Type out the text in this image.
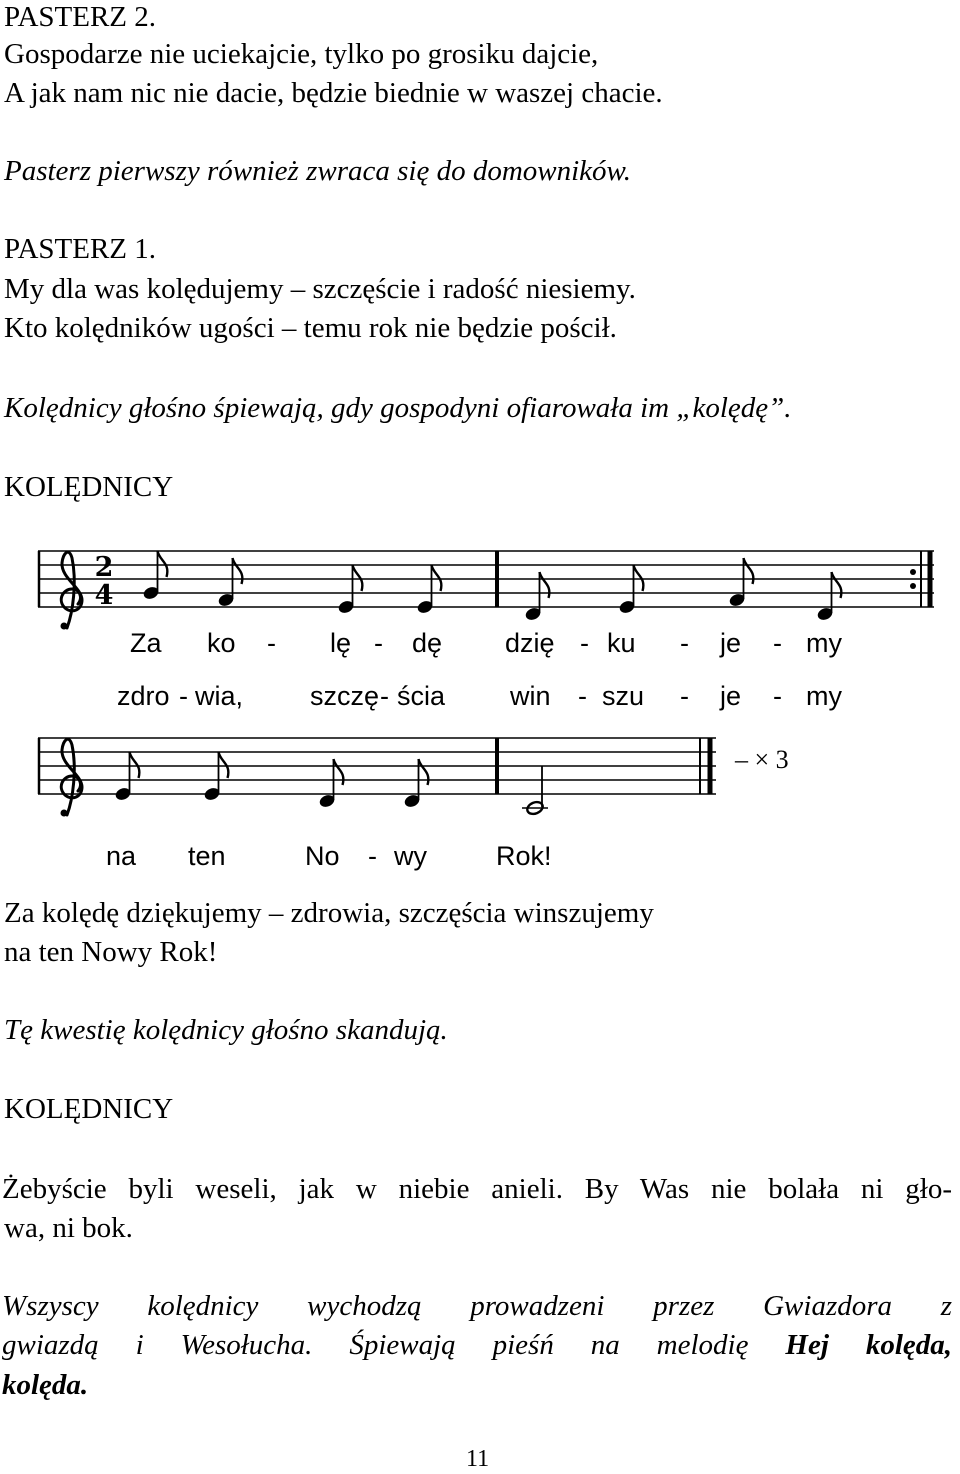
PASTERZ 2.
Gospodarze nie uciekajcie, tylko po grosiku dajcie,
A jak nam nic nie dacie, będzie biednie w waszej chacie.
Pasterz pierwszy również zwraca się do domowników.
PASTERZ 1.
My dla was kolędujemy – szczęście i radość niesiemy.
Kto kolędników ugości – temu rok nie będzie pościł.
Kolędnicy głośno śpiewają, gdy gospodyni ofiarowała im „kolędę”.
KOLĘDNICY
2
4
Za ko - lę - dę dzię - ku - je - my
zdro - wia, szczę - ścia win - szu - je - my
– × 3
na ten	No - wy	Rok!
Za kolędę dziękujemy – zdrowia, szczęścia winszujemy
na ten Nowy Rok!
Tę kwestię kolędnicy głośno skandują.
KOLĘDNICY
Żebyście byli weseli, jak w niebie anieli. By Was nie bolała ni gło-
wa, ni bok.
Wszyscy kolędnicy wychodzą prowadzeni przez Gwiazdora z
gwiazdą i Wesołucha. Śpiewają pieśń na melodię Hej kolęda,
kolęda.
11
